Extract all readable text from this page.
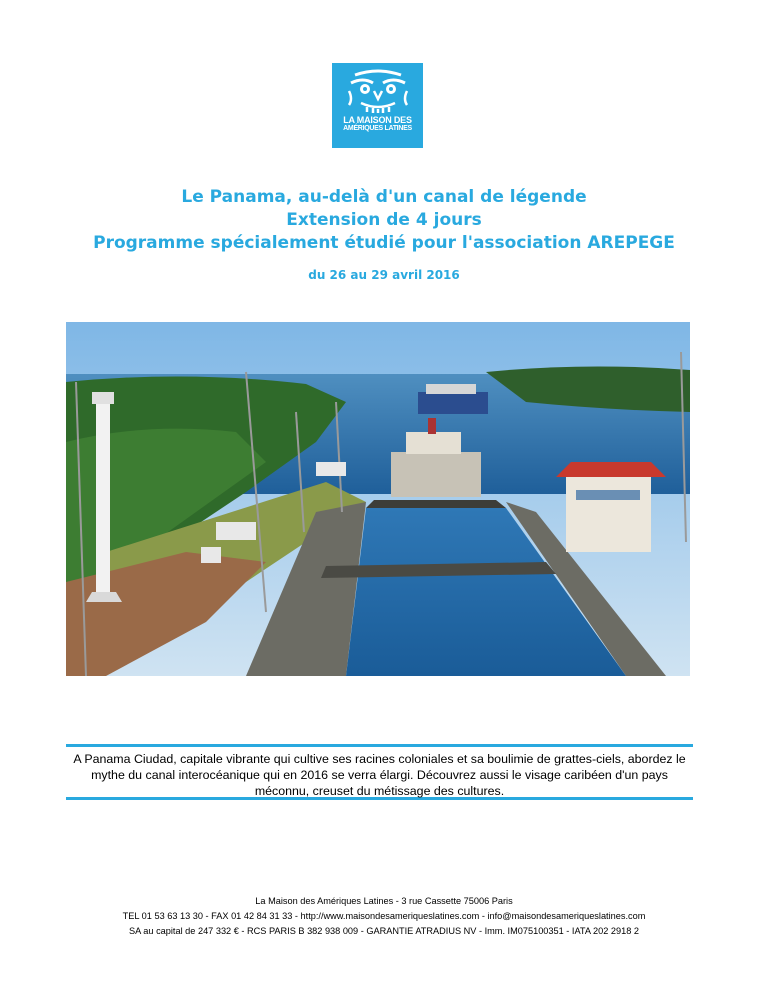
LA MAISON DES
AMÉRIQUES LATINES

Le Panama, au-delà d'un canal de légende

Extension de 4 jours

Programme spécialement étudié pour l'association AREPEGE

du 26 au 29 avril 2016

A Panama Ciudad, capitale vibrante qui cultive ses racines coloniales et sa boulimie de grattes-ciels, abordez le mythe du canal interocéanique qui en 2016 se verra élargi. Découvrez aussi le visage caribéen d'un pays méconnu, creuset du métissage des cultures.
La Maison des Amériques Latines - 3 rue Cassette 75006 Paris
TEL 01 53 63 13 30 - FAX 01 42 84 31 33 - http://www.maisondesameriqueslatines.com - info@maisondesameriqueslatines.com
SA au capital de 247 332 € - RCS PARIS B 382 938 009 - GARANTIE ATRADIUS NV - Imm. IM075100351 - IATA 202 2918 2
